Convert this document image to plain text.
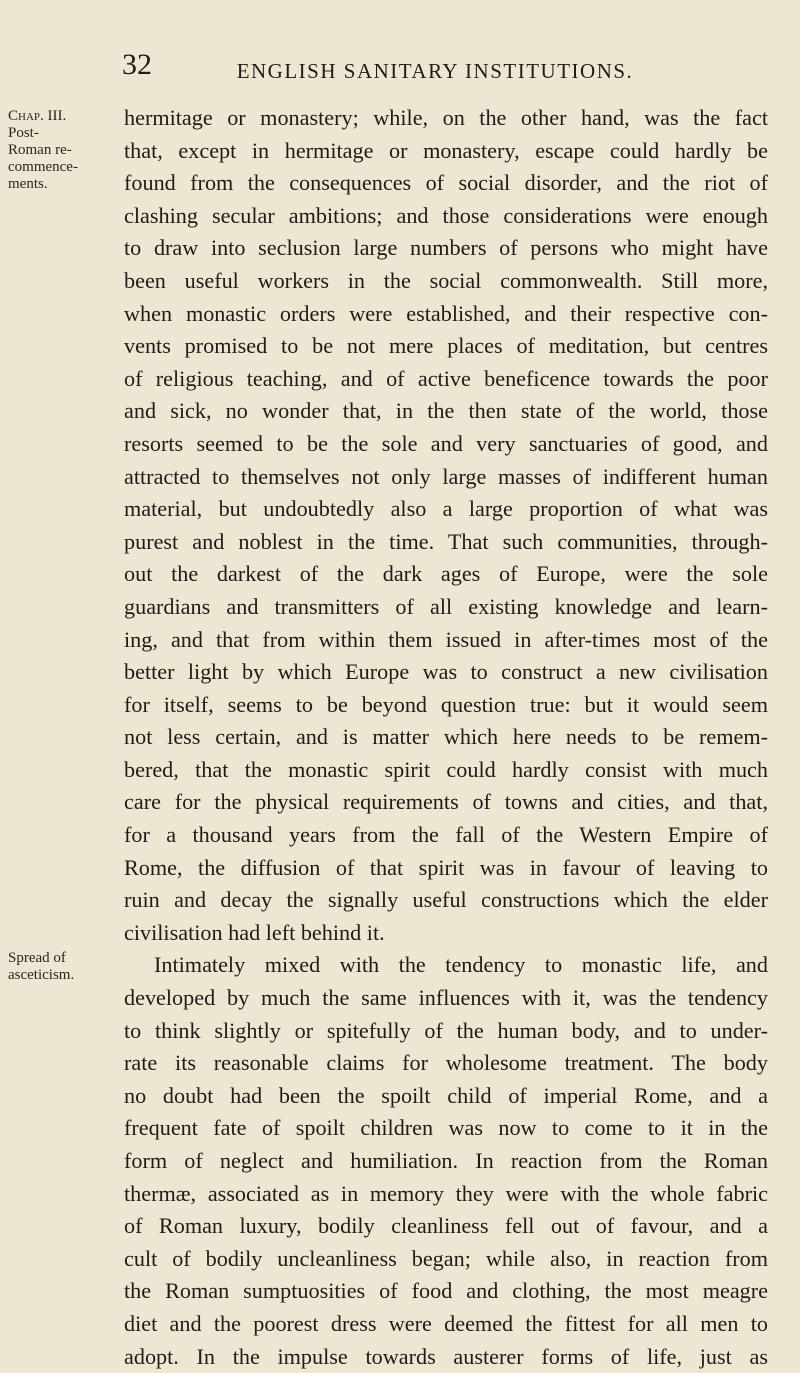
32	ENGLISH SANITARY INSTITUTIONS.
Chap. III.
Post-
Roman re-
commence-
ments.
Spread of
asceticism.
hermitage or monastery; while, on the other hand, was the fact
that, except in hermitage or monastery, escape could hardly be
found from the consequences of social disorder, and the riot of
clashing secular ambitions; and those considerations were enough
to draw into seclusion large numbers of persons who might have
been useful workers in the social commonwealth. Still more,
when monastic orders were established, and their respective con-
vents promised to be not mere places of meditation, but centres
of religious teaching, and of active beneficence towards the poor
and sick, no wonder that, in the then state of the world, those
resorts seemed to be the sole and very sanctuaries of good, and
attracted to themselves not only large masses of indifferent human
material, but undoubtedly also a large proportion of what was
purest and noblest in the time. That such communities, through-
out the darkest of the dark ages of Europe, were the sole
guardians and transmitters of all existing knowledge and learn-
ing, and that from within them issued in after-times most of the
better light by which Europe was to construct a new civilisation
for itself, seems to be beyond question true: but it would seem
not less certain, and is matter which here needs to be remem-
bered, that the monastic spirit could hardly consist with much
care for the physical requirements of towns and cities, and that,
for a thousand years from the fall of the Western Empire of
Rome, the diffusion of that spirit was in favour of leaving to
ruin and decay the signally useful constructions which the elder
civilisation had left behind it.
Intimately mixed with the tendency to monastic life, and
developed by much the same influences with it, was the tendency
to think slightly or spitefully of the human body, and to under-
rate its reasonable claims for wholesome treatment. The body
no doubt had been the spoilt child of imperial Rome, and a
frequent fate of spoilt children was now to come to it in the
form of neglect and humiliation. In reaction from the Roman
thermæ, associated as in memory they were with the whole fabric
of Roman luxury, bodily cleanliness fell out of favour, and a
cult of bodily uncleanliness began; while also, in reaction from
the Roman sumptuosities of food and clothing, the most meagre
diet and the poorest dress were deemed the fittest for all men to
adopt. In the impulse towards austerer forms of life, just as
